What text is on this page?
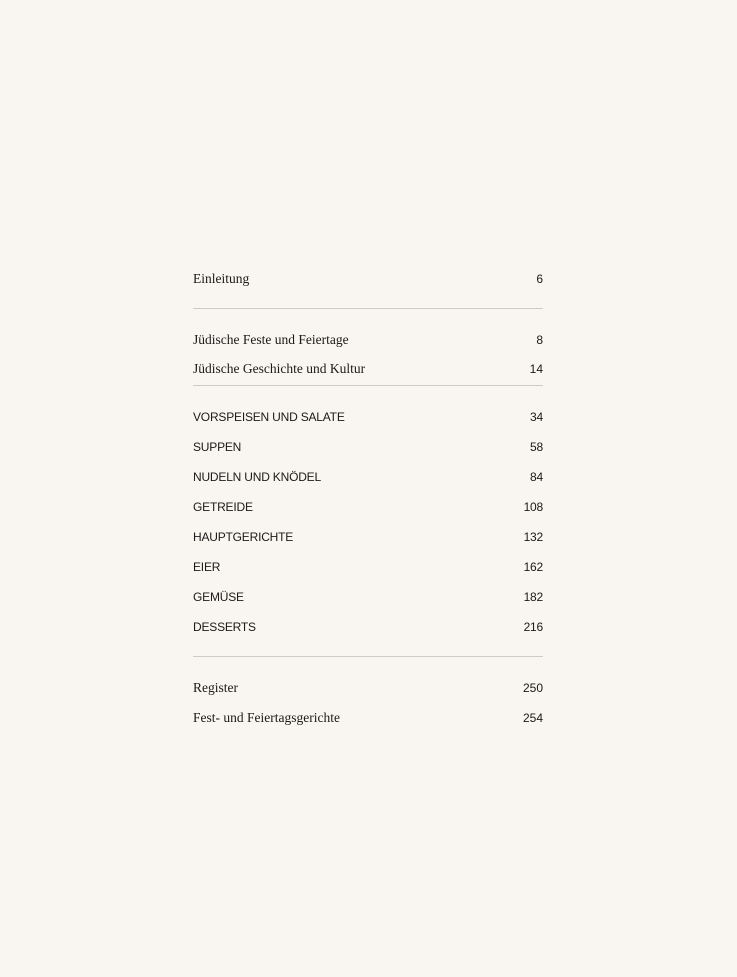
Einleitung	6
Jüdische Feste und Feiertage	8
Jüdische Geschichte und Kultur	14
VORSPEISEN UND SALATE	34
SUPPEN	58
NUDELN UND KNÖDEL	84
GETREIDE	108
HAUPTGERICHTE	132
EIER	162
GEMÜSE	182
DESSERTS	216
Register	250
Fest- und Feiertagsgerichte	254
